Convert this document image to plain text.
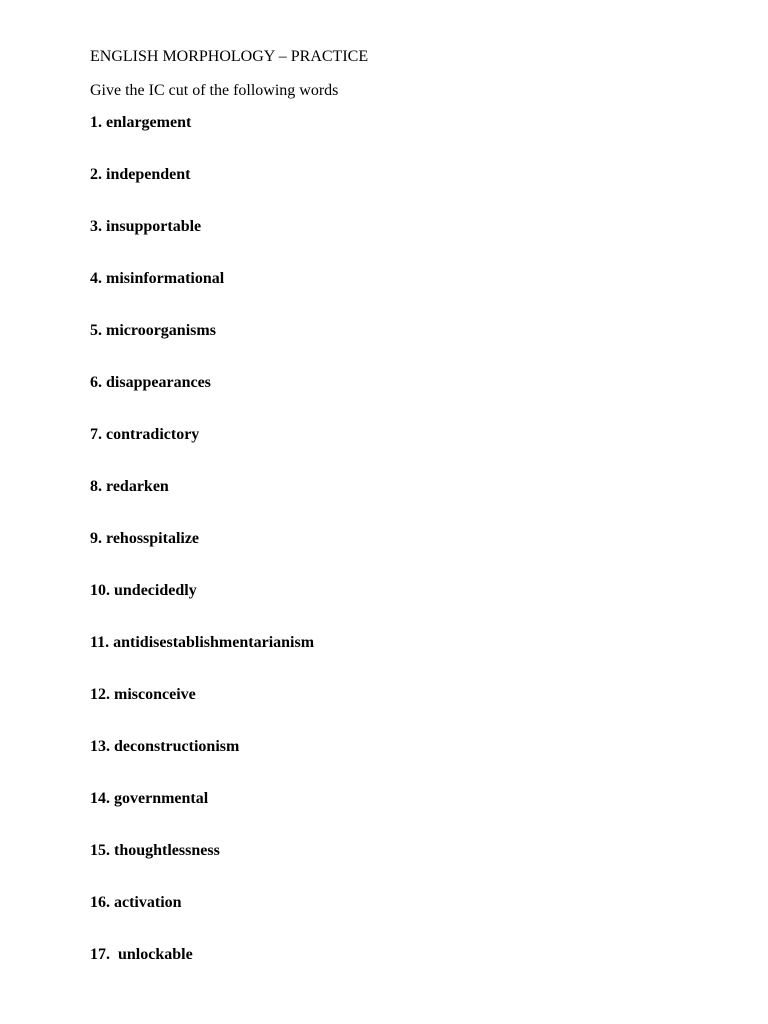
ENGLISH MORPHOLOGY – PRACTICE
Give the IC cut of the following words
1. enlargement
2. independent
3. insupportable
4. misinformational
5. microorganisms
6. disappearances
7. contradictory
8. redarken
9. rehosspitalize
10. undecidedly
11. antidisestablishmentarianism
12. misconceive
13. deconstructionism
14. governmental
15. thoughtlessness
16. activation
17.  unlockable
